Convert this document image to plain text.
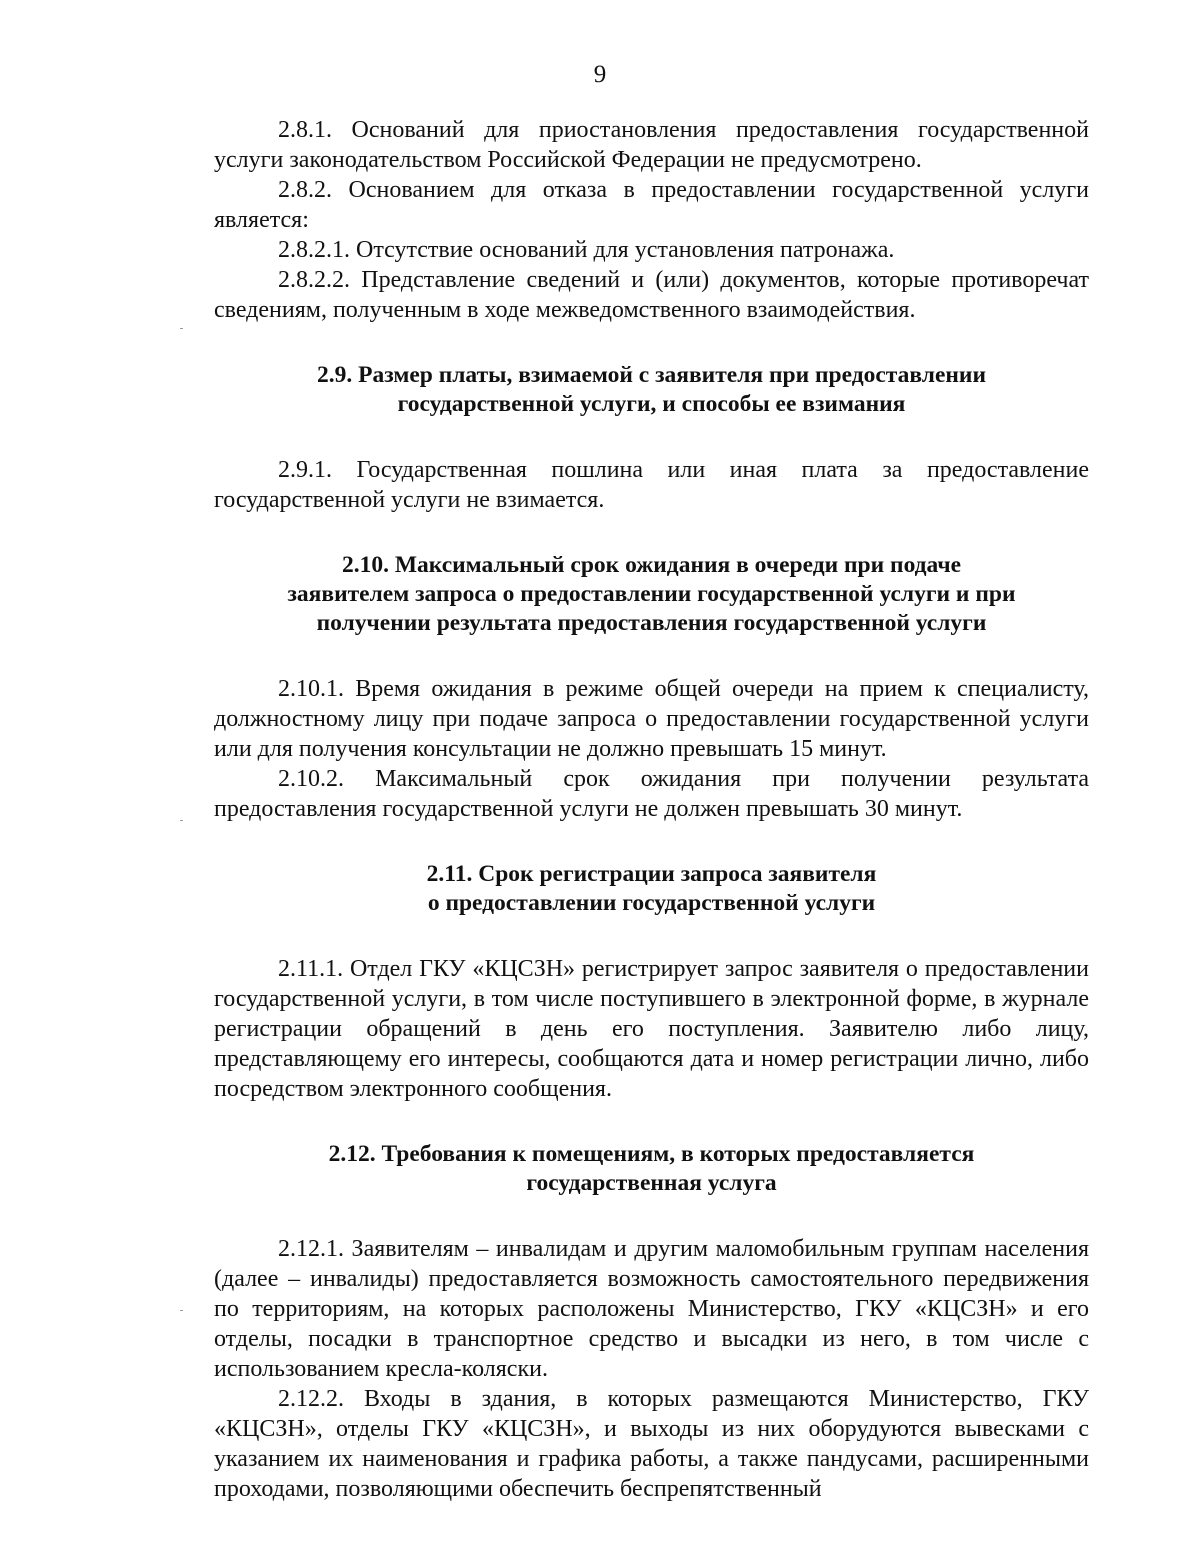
9

2.8.1. Оснований для приостановления предоставления государственной услуги законодательством Российской Федерации не предусмотрено.

2.8.2. Основанием для отказа в предоставлении государственной услуги является:

2.8.2.1. Отсутствие оснований для установления патронажа.

2.8.2.2. Представление сведений и (или) документов, которые противоречат сведениям, полученным в ходе межведомственного взаимодействия.

2.9. Размер платы, взимаемой с заявителя при предоставлении
государственной услуги, и способы ее взимания

2.9.1. Государственная пошлина или иная плата за предоставление государственной услуги не взимается.

2.10. Максимальный срок ожидания в очереди при подаче
заявителем запроса о предоставлении государственной услуги и при
получении результата предоставления государственной услуги

2.10.1. Время ожидания в режиме общей очереди на прием к специалисту, должностному лицу при подаче запроса о предоставлении государственной услуги или для получения консультации не должно превышать 15 минут.

2.10.2. Максимальный срок ожидания при получении результата предоставления государственной услуги не должен превышать 30 минут.

2.11. Срок регистрации запроса заявителя
о предоставлении государственной услуги

2.11.1. Отдел ГКУ «КЦСЗН» регистрирует запрос заявителя о предоставлении государственной услуги, в том числе поступившего в электронной форме, в журнале регистрации обращений в день его поступления. Заявителю либо лицу, представляющему его интересы, сообщаются дата и номер регистрации лично, либо посредством электронного сообщения.

2.12. Требования к помещениям, в которых предоставляется
государственная услуга

2.12.1. Заявителям – инвалидам и другим маломобильным группам населения (далее – инвалиды) предоставляется возможность самостоятельного передвижения по территориям, на которых расположены Министерство, ГКУ «КЦСЗН» и его отделы, посадки в транспортное средство и высадки из него, в том числе с использованием кресла-коляски.

2.12.2. Входы в здания, в которых размещаются Министерство, ГКУ «КЦСЗН», отделы ГКУ «КЦСЗН», и выходы из них оборудуются вывесками с указанием их наименования и графика работы, а также пандусами, расширенными проходами, позволяющими обеспечить беспрепятственный
